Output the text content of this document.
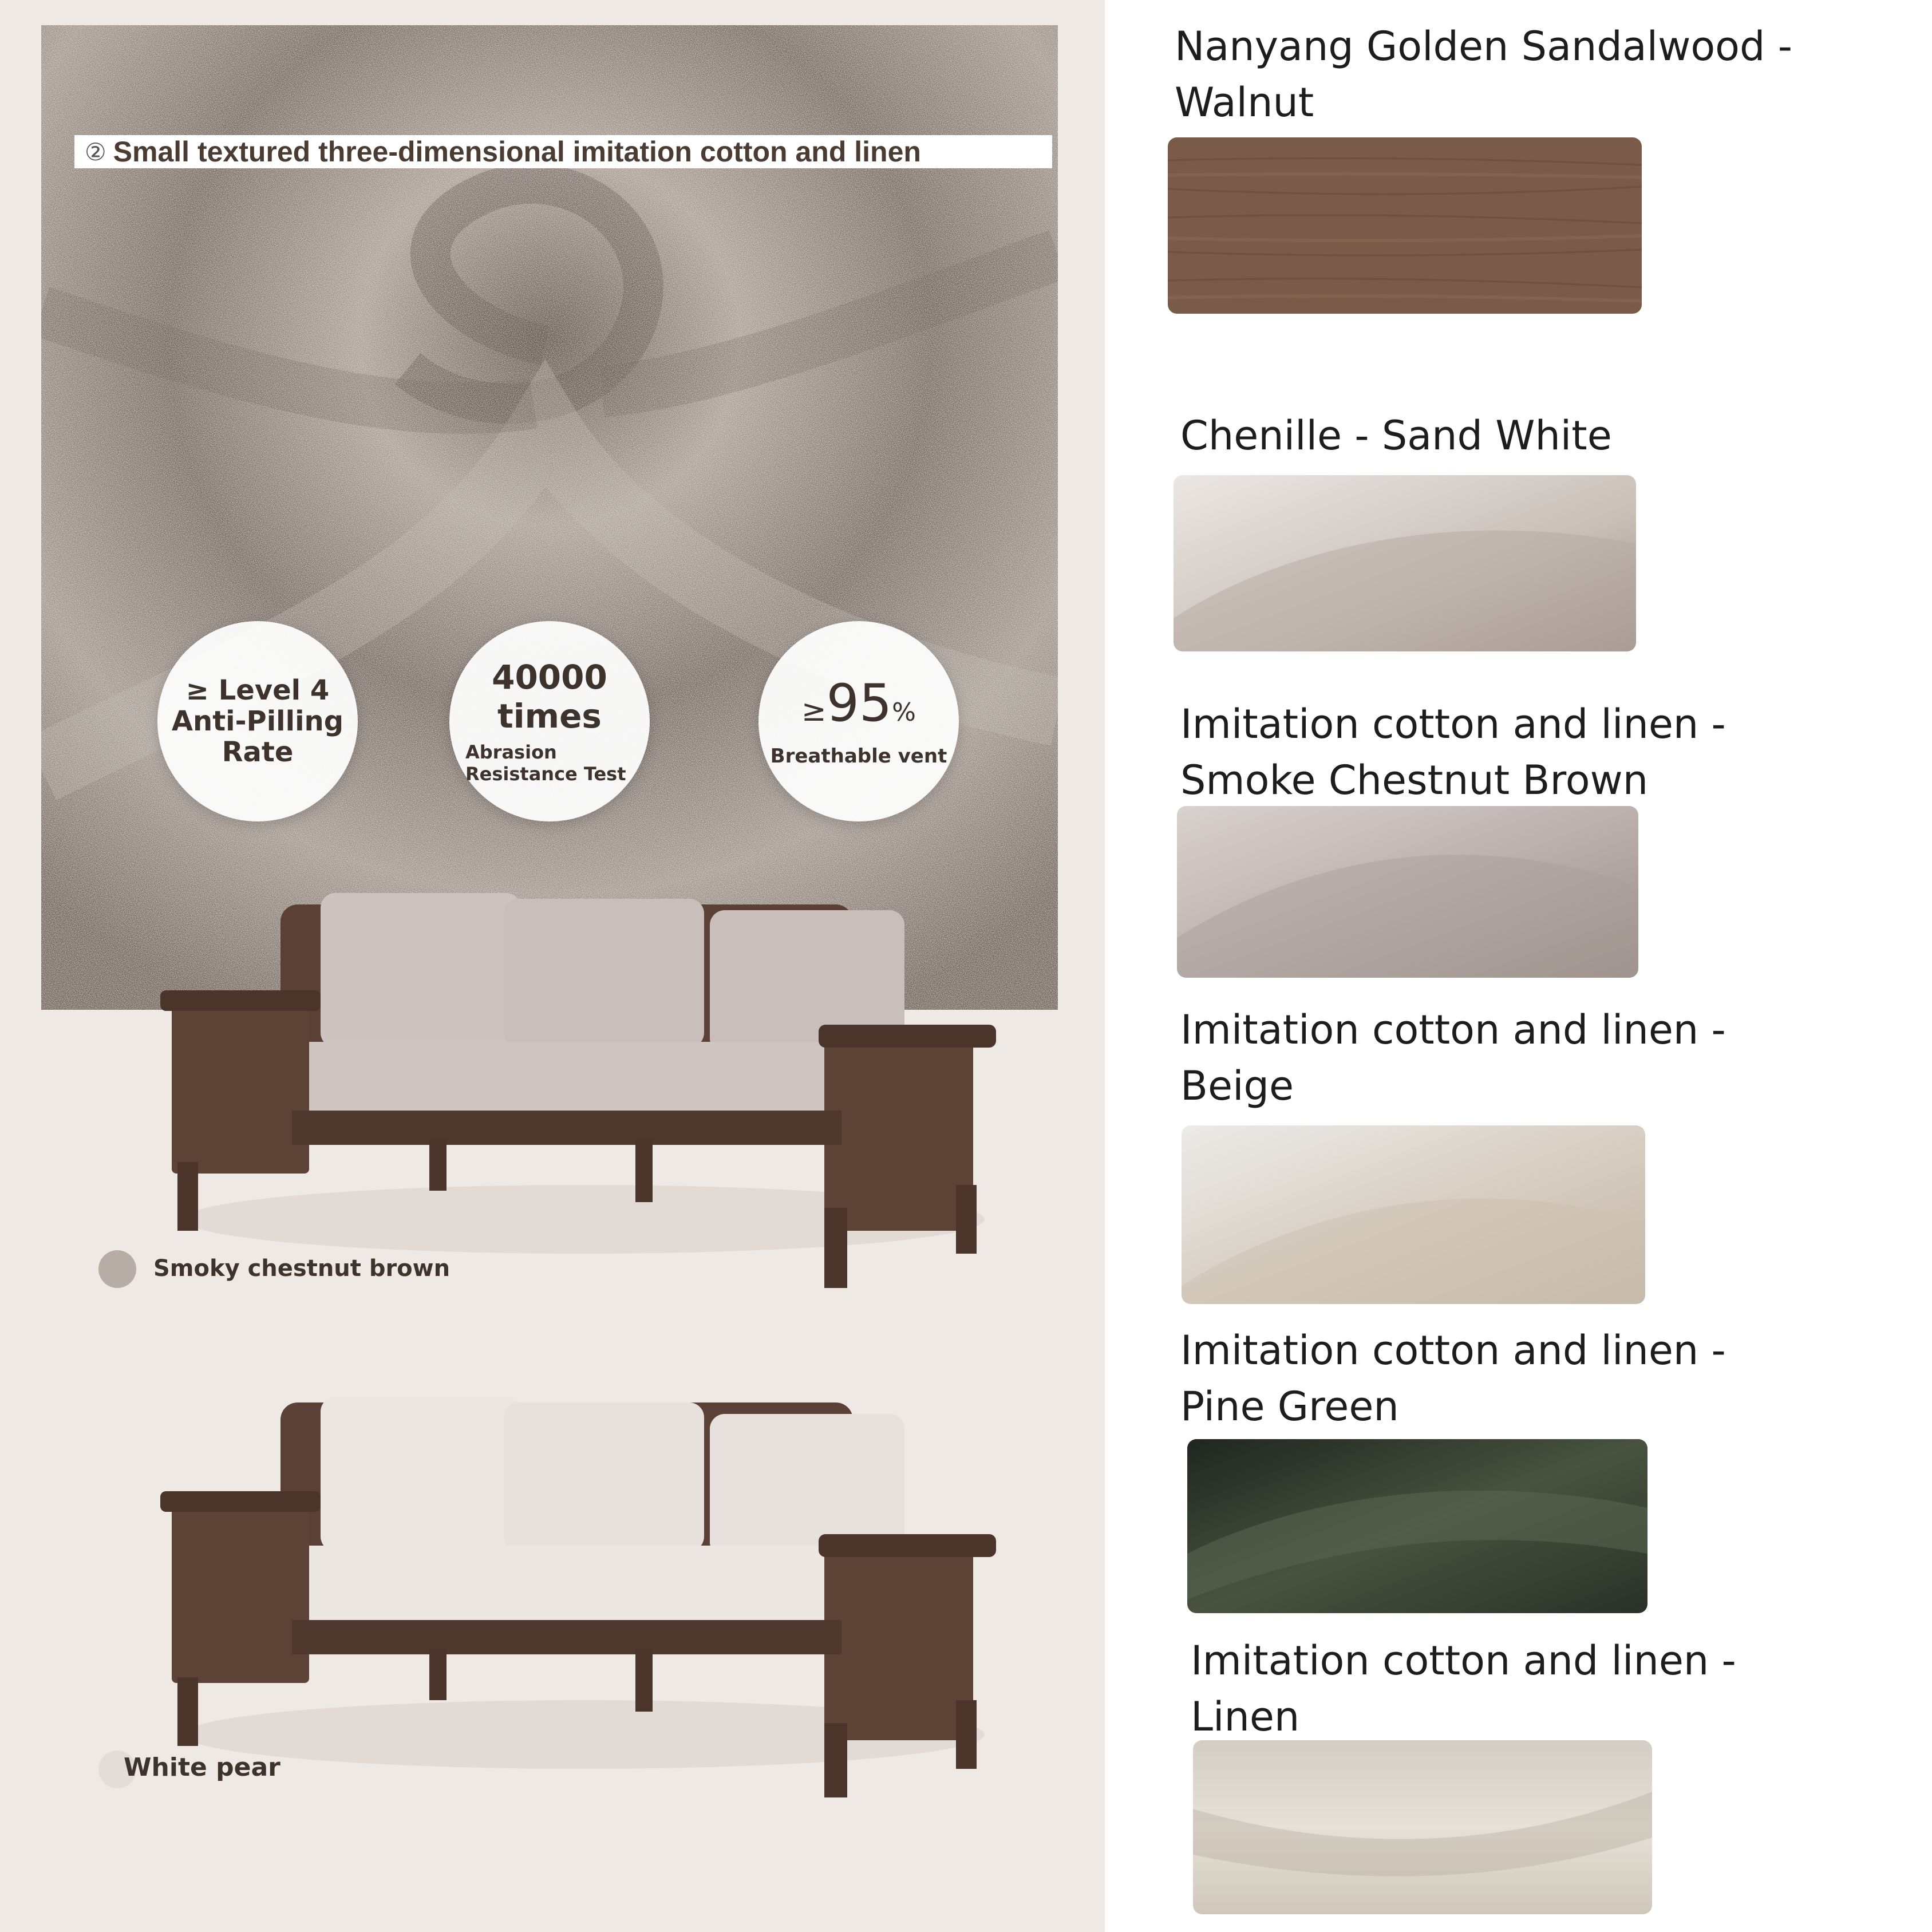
② Small textured three-dimensional imitation cotton and linen
≥ Level 4
Anti-Pilling
Rate
40000 times
Abrasion
Resistance Test
≥95%
Breathable vent
Smoky chestnut brown
White pear
Nanyang Golden Sandalwood -
Walnut
Chenille - Sand White
Imitation cotton and linen -
Smoke Chestnut Brown
Imitation cotton and linen -
Beige
Imitation cotton and linen -
Pine Green
Imitation cotton and linen -
Linen
